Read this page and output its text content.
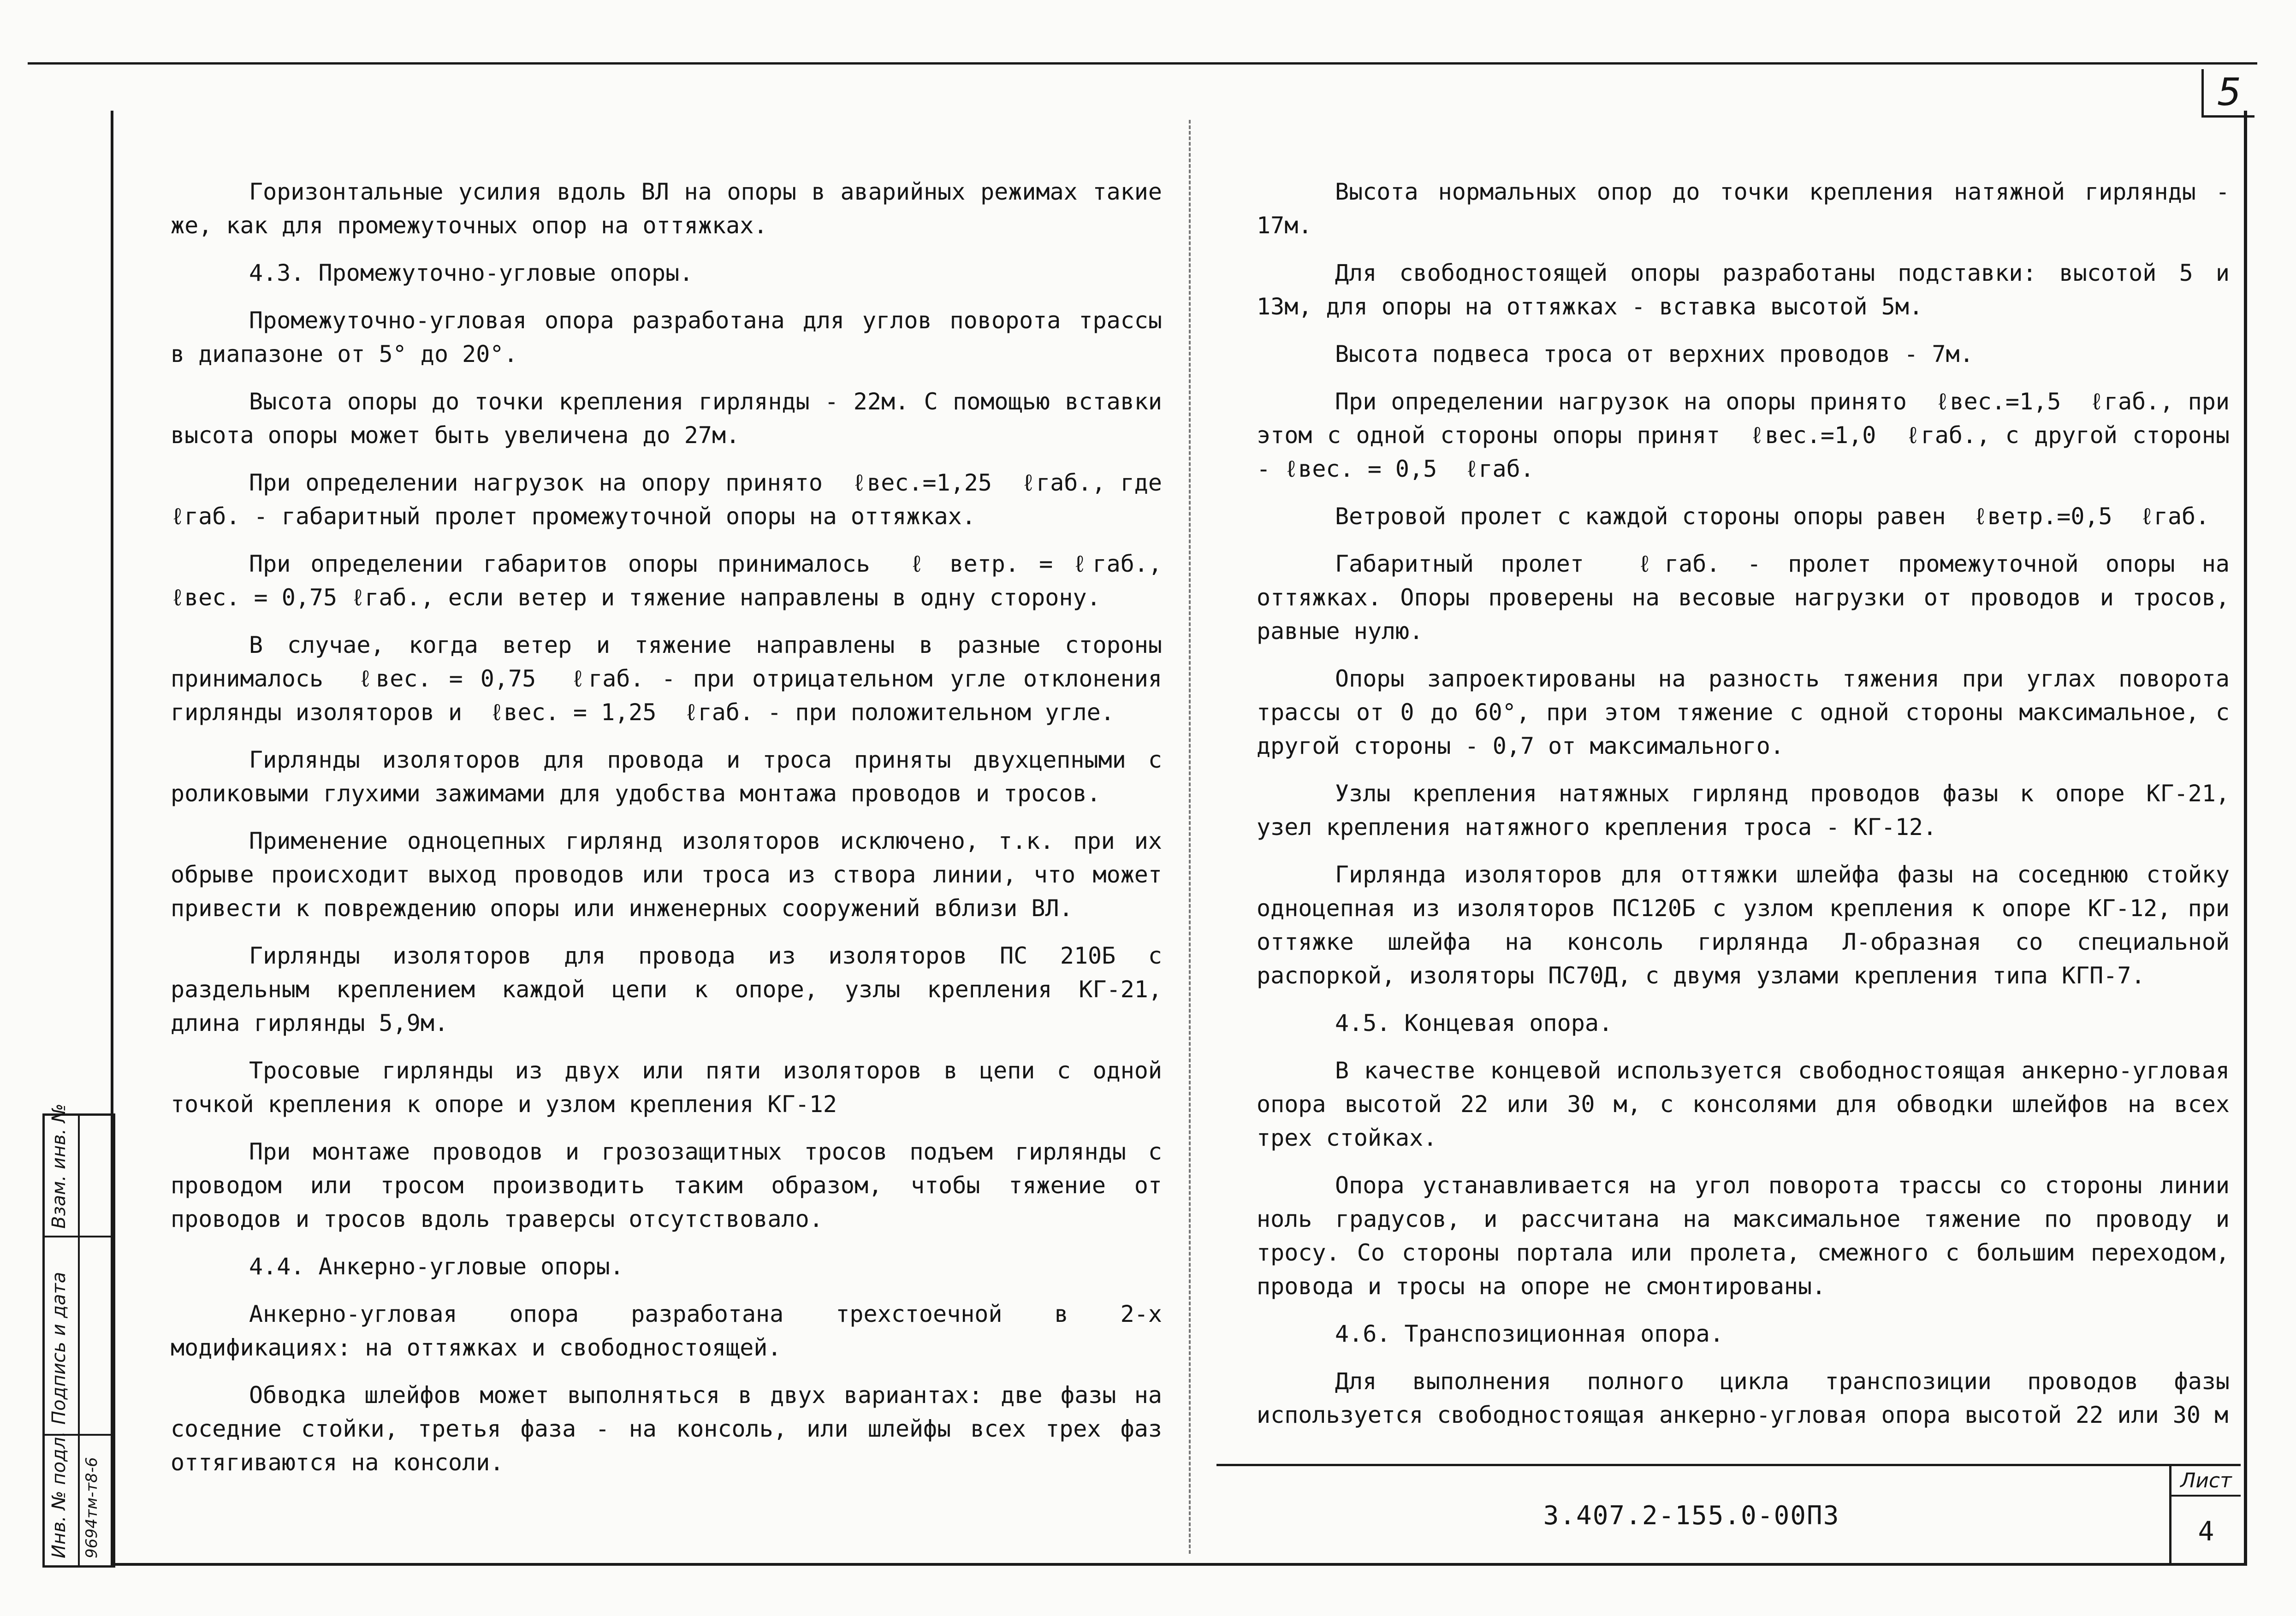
5

Горизонтальные усилия вдоль ВЛ на опоры в аварийных режимах такие же, как для промежуточных опор на оттяжках.

4.3. Промежуточно-угловые опоры.

Промежуточно-угловая опора разработана для углов поворота трассы в диапазоне от 5° до 20°.

Высота опоры до точки крепления гирлянды - 22м. С помощью вставки высота опоры может быть увеличена до 27м.

При определении нагрузок на опору принято  ℓвес.=1,25  ℓгаб., где  ℓгаб. - габаритный пролет промежуточной опоры на оттяжках.

При определении габаритов опоры принималось  ℓ ветр. = ℓгаб., ℓвес. = 0,75 ℓгаб., если ветер и тяжение направлены в одну сторону.

В случае, когда ветер и тяжение направлены в разные стороны принималось  ℓвес. = 0,75  ℓгаб. - при отрицательном угле отклонения гирлянды изоляторов и  ℓвес. = 1,25  ℓгаб. - при положительном угле.

Гирлянды изоляторов для провода и троса приняты двухцепными с роликовыми глухими зажимами для удобства монтажа проводов и тросов.

Применение одноцепных гирлянд изоляторов исключено, т.к. при их обрыве происходит выход проводов или троса из створа линии, что может привести к повреждению опоры или инженерных сооружений вблизи ВЛ.

Гирлянды изоляторов для провода из изоляторов ПС 210Б с раздельным креплением каждой цепи к опоре, узлы крепления КГ-21,    длина гирлянды 5,9м.

Тросовые гирлянды из двух или пяти изоляторов в цепи с одной точкой крепления к опоре и узлом крепления КГ-12

При монтаже проводов и грозозащитных тросов подъем гирлянды с проводом или тросом производить таким образом, чтобы тяжение от проводов и тросов вдоль траверсы отсутствовало.

4.4. Анкерно-угловые опоры.

Анкерно-угловая опора разработана трехстоечной в 2-х модификациях: на оттяжках и свободностоящей.

Обводка шлейфов может выполняться в двух вариантах: две фазы на соседние стойки, третья фаза - на консоль, или шлейфы всех трех фаз оттягиваются на консоли.

Высота нормальных опор до точки крепления натяжной гирлянды - 17м.

Для свободностоящей опоры разработаны подставки: высотой 5 и 13м, для опоры на оттяжках - вставка высотой 5м.

Высота подвеса троса от верхних проводов - 7м.

При определении нагрузок на опоры принято  ℓвес.=1,5  ℓгаб., при этом с одной стороны опоры принят  ℓвес.=1,0  ℓгаб., с другой стороны - ℓвес. = 0,5  ℓгаб.

Ветровой пролет с каждой стороны опоры равен  ℓветр.=0,5  ℓгаб.

Габаритный пролет  ℓгаб. - пролет промежуточной опоры на оттяжках. Опоры проверены на весовые нагрузки от проводов и тросов, равные нулю.

Опоры запроектированы на разность тяжения при углах поворота трассы от 0 до 60°, при этом тяжение с одной стороны максимальное, с другой стороны - 0,7 от максимального.

Узлы крепления натяжных гирлянд проводов фазы к опоре КГ-21, узел крепления натяжного крепления троса - КГ-12.

Гирлянда изоляторов для оттяжки шлейфа фазы на соседнюю стойку одноцепная из изоляторов ПС120Б с узлом крепления к опоре КГ-12, при оттяжке шлейфа на консоль гирлянда Л-образная со специальной распоркой, изоляторы ПС70Д, с двумя узлами крепления типа КГП-7.

4.5. Концевая опора.

В качестве концевой используется свободностоящая анкерно-угловая опора высотой 22 или 30 м, с консолями для обводки шлейфов на всех трех стойках.

Опора устанавливается на угол поворота трассы со стороны линии ноль градусов, и рассчитана на максимальное тяжение по проводу и тросу. Со стороны портала или пролета, смежного с большим переходом, провода и тросы на опоре не смонтированы.

4.6. Транспозиционная опора.

Для выполнения полного цикла транспозиции проводов фазы используется свободностоящая анкерно-угловая опора высотой 22 или 30 м

3.407.2-155.0-00ПЗ
Лист
4
Взам. инв. №
Подпись и дата
Инв. № подл. 9694тм-т8-6
